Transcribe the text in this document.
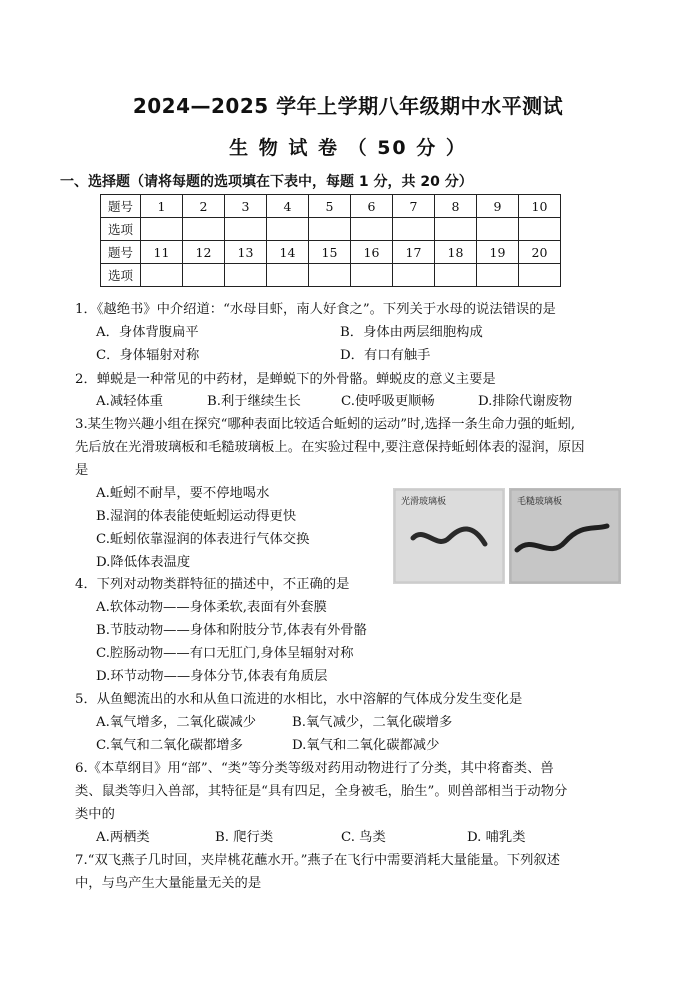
2024—2025 学年上学期八年级期中水平测试
生 物 试 卷 （ 50 分 ）
一、选择题（请将每题的选项填在下表中，每题 1 分，共 20 分）
题号	1	2	3	4	5	6	7	8	9	10
选项										
题号	11	12	13	14	15	16	17	18	19	20
选项										
1．《越绝书》中介绍道：“水母目虾，南人好食之”。下列关于水母的说法错误的是
A．身体背腹扁平	B．身体由两层细胞构成
C．身体辐射对称	D．有口有触手
2．蝉蜕是一种常见的中药材，是蝉蜕下的外骨骼。蝉蜕皮的意义主要是
A.减轻体重	B.利于继续生长	C.使呼吸更顺畅	D.排除代谢废物
3.某生物兴趣小组在探究“哪种表面比较适合蚯蚓的运动”时,选择一条生命力强的蚯蚓,
先后放在光滑玻璃板和毛糙玻璃板上。在实验过程中,要注意保持蚯蚓体表的湿润，原因
是
A.蚯蚓不耐旱，要不停地喝水
B.湿润的体表能使蚯蚓运动得更快
C.蚯蚓依靠湿润的体表进行气体交换
D.降低体表温度
光滑玻璃板	毛糙玻璃板
4．下列对动物类群特征的描述中，不正确的是
A.软体动物——身体柔软,表面有外套膜
B.节肢动物——身体和附肢分节,体表有外骨骼
C.腔肠动物——有口无肛门,身体呈辐射对称
D.环节动物——身体分节,体表有角质层
5．从鱼鳃流出的水和从鱼口流进的水相比，水中溶解的气体成分发生变化是
A.氧气增多，二氧化碳减少	B.氧气减少，二氧化碳增多
C.氧气和二氧化碳都增多	D.氧气和二氧化碳都减少
6.《本草纲目》用“部”、“类”等分类等级对药用动物进行了分类，其中将畜类、兽
类、鼠类等归入兽部，其特征是“具有四足，全身被毛，胎生”。则兽部相当于动物分
类中的
A.两栖类	B. 爬行类	C. 鸟类	D. 哺乳类
7.“双飞燕子几时回，夹岸桃花蘸水开。”燕子在飞行中需要消耗大量能量。下列叙述
中，与鸟产生大量能量无关的是
